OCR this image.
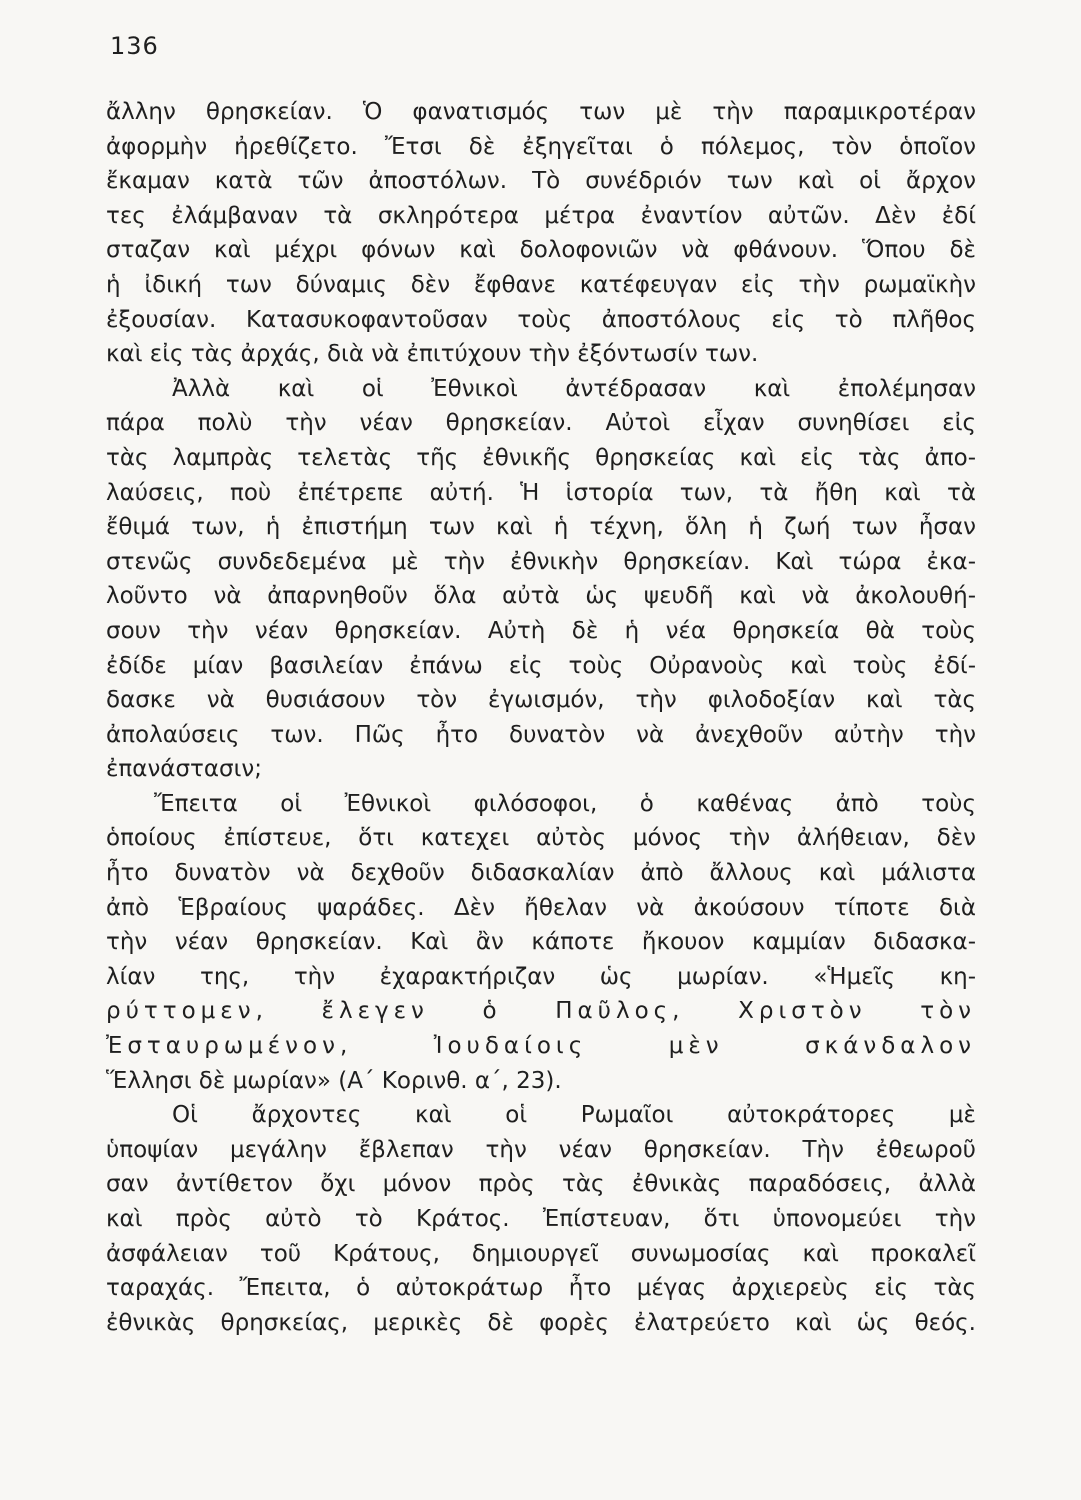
136
ἄλλην θρησκείαν. Ὁ φανατισμός των μὲ τὴν παραμικροτέραν
ἀφορμὴν ἠρεθίζετο. Ἔτσι δὲ ἐξηγεῖται ὁ πόλεμος, τὸν ὁποῖον
ἔκαμαν κατὰ τῶν ἀποστόλων. Τὸ συνέδριόν των καὶ οἱ ἄρχον
τες ἐλάμβαναν τὰ σκληρότερα μέτρα ἐναντίον αὐτῶν. Δὲν ἐδί
σταζαν καὶ μέχρι φόνων καὶ δολοφονιῶν νὰ φθάνουν. Ὅπου δὲ
ἡ ἰδική των δύναμις δὲν ἔφθανε κατέφευγαν εἰς τὴν ρωμαϊκὴν
ἐξουσίαν. Κατασυκοφαντοῦσαν τοὺς ἀποστόλους εἰς τὸ πλῆθος
καὶ εἰς τὰς ἀρχάς, διὰ νὰ ἐπιτύχουν τὴν ἐξόντωσίν των.
Ἀλλὰ καὶ οἱ Ἐθνικοὶ ἀντέδρασαν καὶ ἐπολέμησαν
πάρα πολὺ τὴν νέαν θρησκείαν. Αὐτοὶ εἶχαν συνηθίσει εἰς
τὰς λαμπρὰς τελετὰς τῆς ἐθνικῆς θρησκείας καὶ εἰς τὰς ἀπο-
λαύσεις, ποὺ ἐπέτρεπε αὐτή. Ἡ ἱστορία των, τὰ ἤθη καὶ τὰ
ἔθιμά των, ἡ ἐπιστήμη των καὶ ἡ τέχνη, ὅλη ἡ ζωή των ἦσαν
στενῶς συνδεδεμένα μὲ τὴν ἐθνικὴν θρησκείαν. Καὶ τώρα ἐκα-
λοῦντο νὰ ἀπαρνηθοῦν ὅλα αὐτὰ ὡς ψευδῆ καὶ νὰ ἀκολουθή-
σουν τὴν νέαν θρησκείαν. Αὐτὴ δὲ ἡ νέα θρησκεία θὰ τοὺς
ἐδίδε μίαν βασιλείαν ἐπάνω εἰς τοὺς Οὐρανοὺς καὶ τοὺς ἐδί-
δασκε νὰ θυσιάσουν τὸν ἐγωισμόν, τὴν φιλοδοξίαν καὶ τὰς
ἀπολαύσεις των. Πῶς ἦτο δυνατὸν νὰ ἀνεχθοῦν αὐτὴν τὴν
ἐπανάστασιν;
Ἔπειτα οἱ Ἐθνικοὶ φιλόσοφοι, ὁ καθένας ἀπὸ τοὺς
ὁποίους ἐπίστευε, ὅτι κατεχει αὐτὸς μόνος τὴν ἀλήθειαν, δὲν
ἦτο δυνατὸν νὰ δεχθοῦν διδασκαλίαν ἀπὸ ἄλλους καὶ μάλιστα
ἀπὸ Ἑβραίους ψαράδες. Δὲν ἤθελαν νὰ ἀκούσουν τίποτε διὰ
τὴν νέαν θρησκείαν. Καὶ ἂν κάποτε ἤκουον καμμίαν διδασκα-
λίαν της, τὴν ἐχαρακτήριζαν ὡς μωρίαν. «Ἡμεῖς κη-
ρύττομεν, ἔλεγεν ὁ Παῦλος, Χριστὸν τὸν
Ἐσταυρωμένον, Ἰουδαίοις μὲν σκάνδαλον
Ἕλλησι δὲ μωρίαν» (Α΄ Κορινθ. α΄, 23).
Οἱ ἄρχοντες καὶ οἱ Ρωμαῖοι αὐτοκράτορες μὲ
ὑποψίαν μεγάλην ἔβλεπαν τὴν νέαν θρησκείαν. Τὴν ἐθεωροῦ
σαν ἀντίθετον ὄχι μόνον πρὸς τὰς ἐθνικὰς παραδόσεις, ἀλλὰ
καὶ πρὸς αὐτὸ τὸ Κράτος. Ἐπίστευαν, ὅτι ὑπονομεύει τὴν
ἀσφάλειαν τοῦ Κράτους, δημιουργεῖ συνωμοσίας καὶ προκαλεῖ
ταραχάς. Ἔπειτα, ὁ αὐτοκράτωρ ἦτο μέγας ἀρχιερεὺς εἰς τὰς
ἐθνικὰς θρησκείας, μερικὲς δὲ φορὲς ἐλατρεύετο καὶ ὡς θεός.
